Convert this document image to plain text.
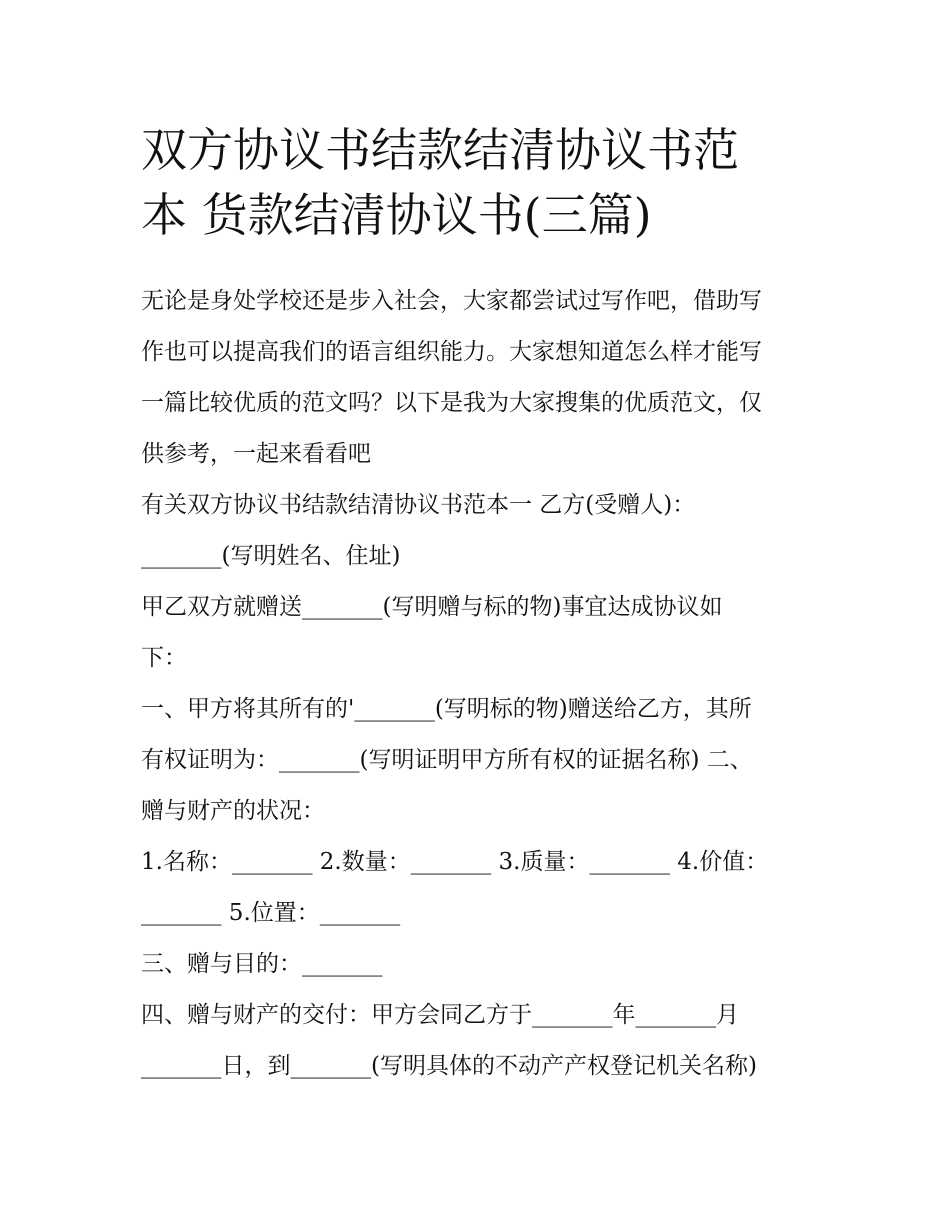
双方协议书结款结清协议书范
本 货款结清协议书(三篇)

无论是身处学校还是步入社会，大家都尝试过写作吧，借助写

作也可以提高我们的语言组织能力。大家想知道怎么样才能写

一篇比较优质的范文吗？以下是我为大家搜集的优质范文，仅

供参考，一起来看看吧

有关双方协议书结款结清协议书范本一 乙方(受赠人)：

_______(写明姓名、住址)

甲乙双方就赠送_______(写明赠与标的物)事宜达成协议如

下：

一、甲方将其所有的'_______(写明标的物)赠送给乙方，其所

有权证明为：_______(写明证明甲方所有权的证据名称) 二、

赠与财产的状况：

1.名称：_______ 2.数量：_______ 3.质量：_______ 4.价值：

_______ 5.位置：_______

三、赠与目的：_______

四、赠与财产的交付：甲方会同乙方于_______年_______月

_______日，到_______(写明具体的不动产产权登记机关名称)
